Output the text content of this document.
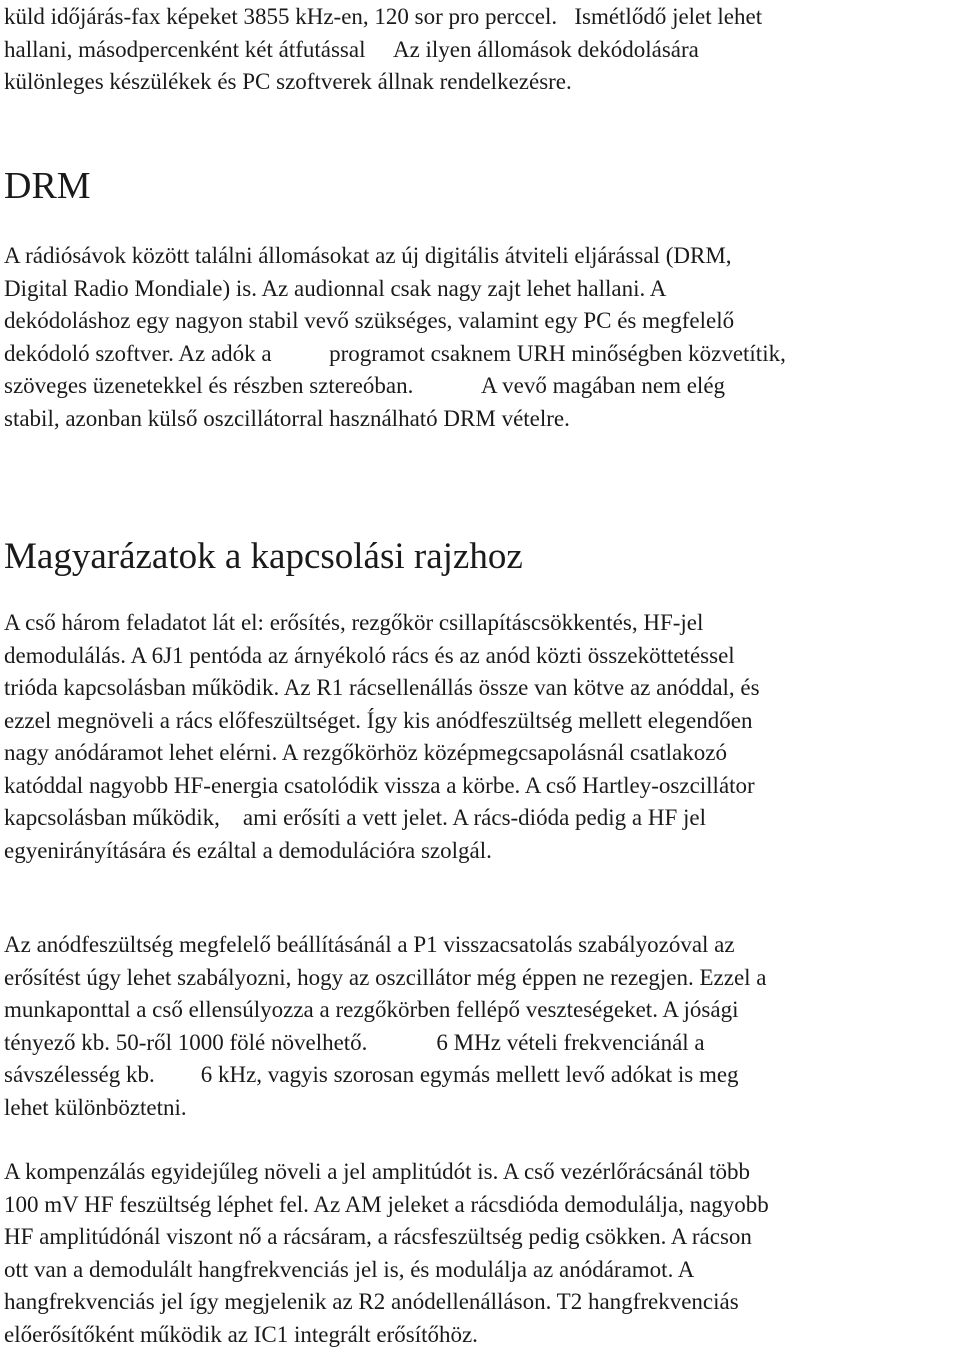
küld időjárás-fax képeket 3855 kHz-en, 120 sor pro perccel.   Ismétlődő jelet lehet
hallani, másodpercenként két átfutással     Az ilyen állomások dekódolására
különleges készülékek és PC szoftverek állnak rendelkezésre.
DRM
A rádiósávok között találni állomásokat az új digitális átviteli eljárással (DRM,
Digital Radio Mondiale) is. Az audionnal csak nagy zajt lehet hallani. A
dekódoláshoz egy nagyon stabil vevő szükséges, valamint egy PC és megfelelő
dekódoló szoftver. Az adók a          programot csaknem URH minőségben közvetítik,
szöveges üzenetekkel és részben sztereóban.            A vevő magában nem elég
stabil, azonban külső oszcillátorral használható DRM vételre.
Magyarázatok a kapcsolási rajzhoz
A cső három feladatot lát el: erősítés, rezgőkör csillapításcsökkentés, HF-jel
demodulálás. A 6J1 pentóda az árnyékoló rács és az anód közti összeköttetéssel
trióda kapcsolásban működik. Az R1 rácsellenállás össze van kötve az anóddal, és
ezzel megnöveli a rács előfeszültséget. Így kis anódfeszültség mellett elegendően
nagy anódáramot lehet elérni. A rezgőkörhöz középmegcsapolásnál csatlakozó
katóddal nagyobb HF-energia csatolódik vissza a körbe. A cső Hartley-oszcillátor
kapcsolásban működik,    ami erősíti a vett jelet. A rács-dióda pedig a HF jel
egyenirányítására és ezáltal a demodulációra szolgál.
Az anódfeszültség megfelelő beállításánál a P1 visszacsatolás szabályozóval az
erősítést úgy lehet szabályozni, hogy az oszcillátor még éppen ne rezegjen. Ezzel a
munkaponttal a cső ellensúlyozza a rezgőkörben fellépő veszteségeket. A jósági
tényező kb. 50-ről 1000 fölé növelhető.            6 MHz vételi frekvenciánál a
sávszélesség kb.        6 kHz, vagyis szorosan egymás mellett levő adókat is meg
lehet különböztetni.
A kompenzálás egyidejűleg növeli a jel amplitúdót is. A cső vezérlőrácsánál több
100 mV HF feszültség léphet fel. Az AM jeleket a rácsdióda demodulálja, nagyobb
HF amplitúdónál viszont nő a rácsáram, a rácsfeszültség pedig csökken. A rácson
ott van a demodulált hangfrekvenciás jel is, és modulálja az anódáramot. A
hangfrekvenciás jel így megjelenik az R2 anódellenálláson. T2 hangfrekvenciás
előerősítőként működik az IC1 integrált erősítőhöz.
